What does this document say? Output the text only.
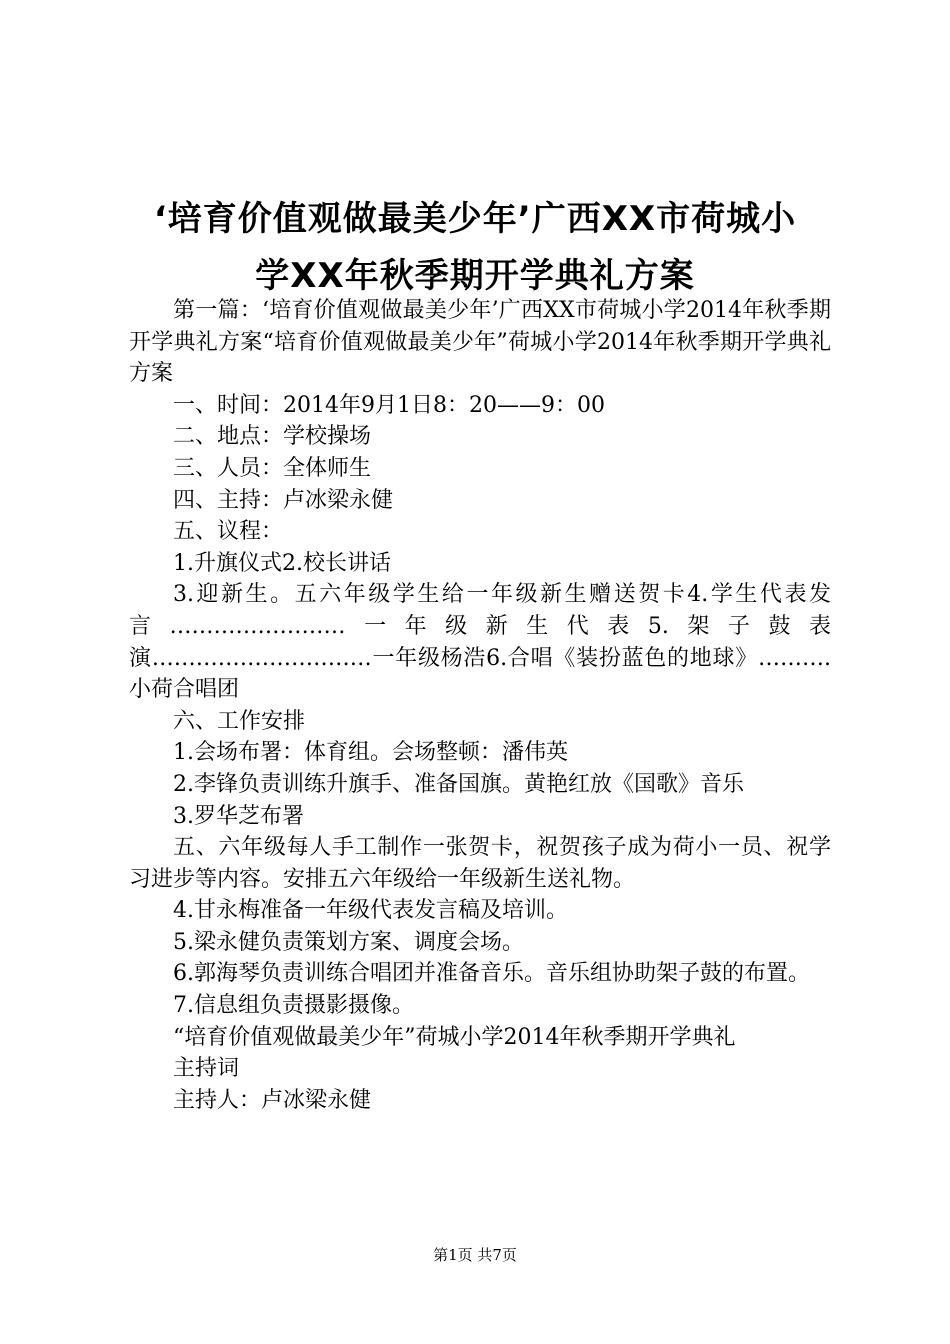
‘培育价值观做最美少年’广西XX市荷城小
学XX年秋季期开学典礼方案

第一篇：‘培育价值观做最美少年’广西XX市荷城小学2014年秋季期开学典礼方案“培育价值观做最美少年”荷城小学2014年秋季期开学典礼方案

一、时间：2014年9月1日8：20——9：00

二、地点：学校操场

三、人员：全体师生

四、主持：卢冰梁永健

五、议程：

1.升旗仪式2.校长讲话

3.迎新生。五六年级学生给一年级新生赠送贺卡4.学生代表发言……………………一年级新生代表5.架子鼓表演…………………………一年级杨浩6.合唱《装扮蓝色的地球》……….小荷合唱团

六、工作安排

1.会场布署：体育组。会场整顿：潘伟英

2.李锋负责训练升旗手、准备国旗。黄艳红放《国歌》音乐

3.罗华芝布署

五、六年级每人手工制作一张贺卡，祝贺孩子成为荷小一员、祝学习进步等内容。安排五六年级给一年级新生送礼物。

4.甘永梅准备一年级代表发言稿及培训。

5.梁永健负责策划方案、调度会场。

6.郭海琴负责训练合唱团并准备音乐。音乐组协助架子鼓的布置。

7.信息组负责摄影摄像。

“培育价值观做最美少年”荷城小学2014年秋季期开学典礼

主持词

主持人：卢冰梁永健

第1页 共7页
